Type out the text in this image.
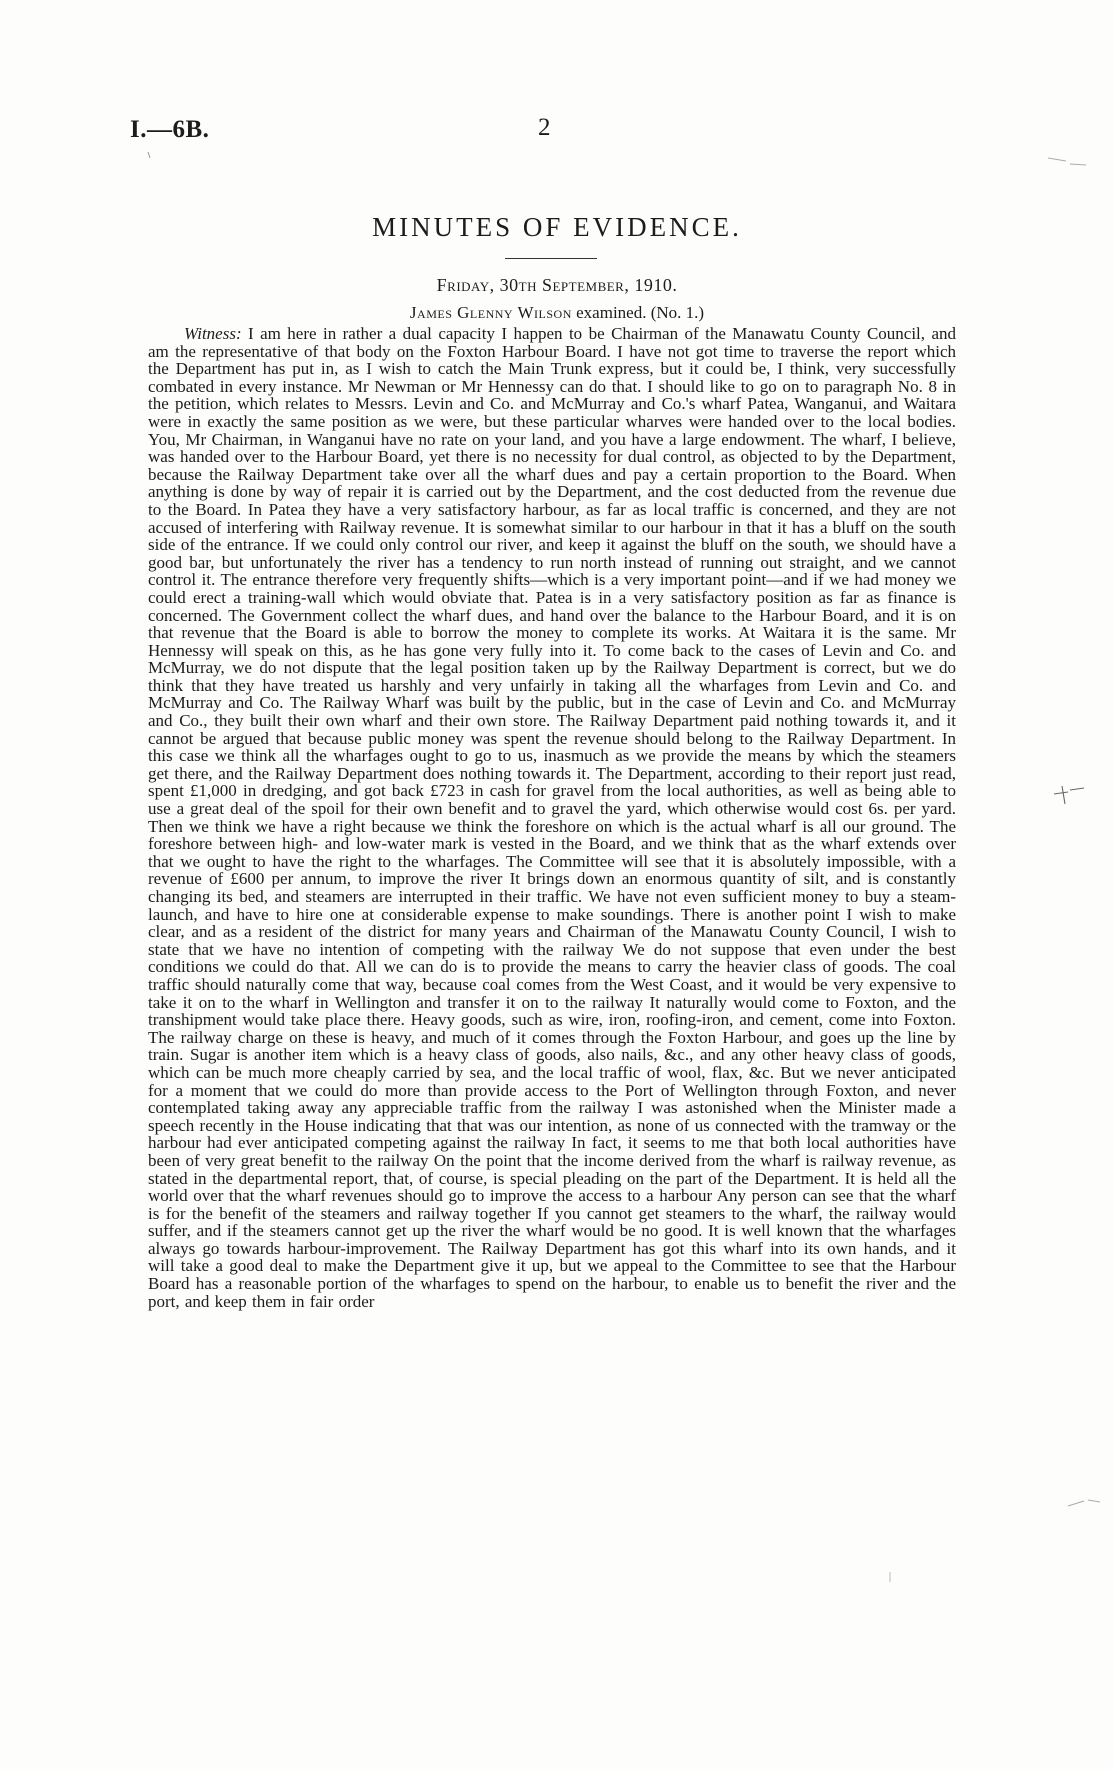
I.—6B.	2
MINUTES OF EVIDENCE.
Friday, 30th September, 1910.
James Glenny Wilson examined. (No. 1.)

Witness: I am here in rather a dual capacity I happen to be Chairman of the Manawatu County Council, and am the representative of that body on the Foxton Harbour Board. I have not got time to traverse the report which the Department has put in, as I wish to catch the Main Trunk express, but it could be, I think, very successfully combated in every instance. Mr Newman or Mr Hennessy can do that. I should like to go on to paragraph No. 8 in the petition, which relates to Messrs. Levin and Co. and McMurray and Co.'s wharf Patea, Wanganui, and Waitara were in exactly the same position as we were, but these particular wharves were handed over to the local bodies. You, Mr Chairman, in Wanganui have no rate on your land, and you have a large endowment. The wharf, I believe, was handed over to the Harbour Board, yet there is no necessity for dual control, as objected to by the Department, because the Railway Department take over all the wharf dues and pay a certain proportion to the Board. When anything is done by way of repair it is carried out by the Department, and the cost deducted from the revenue due to the Board. In Patea they have a very satisfactory harbour, as far as local traffic is concerned, and they are not accused of interfering with Railway revenue. It is somewhat similar to our harbour in that it has a bluff on the south side of the entrance. If we could only control our river, and keep it against the bluff on the south, we should have a good bar, but unfortunately the river has a tendency to run north instead of running out straight, and we cannot control it. The entrance therefore very frequently shifts—which is a very important point—and if we had money we could erect a training-wall which would obviate that. Patea is in a very satisfactory position as far as finance is concerned. The Government collect the wharf dues, and hand over the balance to the Harbour Board, and it is on that revenue that the Board is able to borrow the money to complete its works. At Waitara it is the same. Mr Hennessy will speak on this, as he has gone very fully into it. To come back to the cases of Levin and Co. and McMurray, we do not dispute that the legal position taken up by the Railway Department is correct, but we do think that they have treated us harshly and very unfairly in taking all the wharfages from Levin and Co. and McMurray and Co. The Railway Wharf was built by the public, but in the case of Levin and Co. and McMurray and Co., they built their own wharf and their own store. The Railway Department paid nothing towards it, and it cannot be argued that because public money was spent the revenue should belong to the Railway Department. In this case we think all the wharfages ought to go to us, inasmuch as we provide the means by which the steamers get there, and the Railway Department does nothing towards it. The Department, according to their report just read, spent £1,000 in dredging, and got back £723 in cash for gravel from the local authorities, as well as being able to use a great deal of the spoil for their own benefit and to gravel the yard, which otherwise would cost 6s. per yard. Then we think we have a right because we think the foreshore on which is the actual wharf is all our ground. The foreshore between high- and low-water mark is vested in the Board, and we think that as the wharf extends over that we ought to have the right to the wharfages. The Committee will see that it is absolutely impossible, with a revenue of £600 per annum, to improve the river It brings down an enormous quantity of silt, and is constantly changing its bed, and steamers are interrupted in their traffic. We have not even sufficient money to buy a steam-launch, and have to hire one at considerable expense to make soundings. There is another point I wish to make clear, and as a resident of the district for many years and Chairman of the Manawatu County Council, I wish to state that we have no intention of competing with the railway We do not suppose that even under the best conditions we could do that. All we can do is to provide the means to carry the heavier class of goods. The coal traffic should naturally come that way, because coal comes from the West Coast, and it would be very expensive to take it on to the wharf in Wellington and transfer it on to the railway It naturally would come to Foxton, and the transhipment would take place there. Heavy goods, such as wire, iron, roofing-iron, and cement, come into Foxton. The railway charge on these is heavy, and much of it comes through the Foxton Harbour, and goes up the line by train. Sugar is another item which is a heavy class of goods, also nails, &c., and any other heavy class of goods, which can be much more cheaply carried by sea, and the local traffic of wool, flax, &c. But we never anticipated for a moment that we could do more than provide access to the Port of Wellington through Foxton, and never contemplated taking away any appreciable traffic from the railway I was astonished when the Minister made a speech recently in the House indicating that that was our intention, as none of us connected with the tramway or the harbour had ever anticipated competing against the railway In fact, it seems to me that both local authorities have been of very great benefit to the railway On the point that the income derived from the wharf is railway revenue, as stated in the departmental report, that, of course, is special pleading on the part of the Department. It is held all the world over that the wharf revenues should go to improve the access to a harbour Any person can see that the wharf is for the benefit of the steamers and railway together If you cannot get steamers to the wharf, the railway would suffer, and if the steamers cannot get up the river the wharf would be no good. It is well known that the wharfages always go towards harbour-improvement. The Railway Department has got this wharf into its own hands, and it will take a good deal to make the Department give it up, but we appeal to the Committee to see that the Harbour Board has a reasonable portion of the wharfages to spend on the harbour, to enable us to benefit the river and the port, and keep them in fair order
